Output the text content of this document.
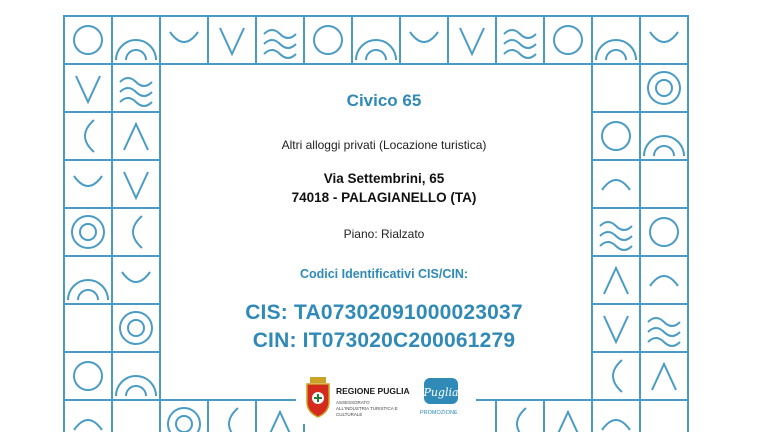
Civico 65
Altri alloggi privati (Locazione turistica)
Via Settembrini, 65
74018 - PALAGIANELLO (TA)
Piano: Rialzato
Codici Identificativi CIS/CIN:
CIS: TA07302091000023037
CIN: IT073020C200061279
REGIONE PUGLIA
ASSESSORATO ALL'INDUSTRIA TURISTICA E CULTURALE
Puglia
PROMOZIONE
